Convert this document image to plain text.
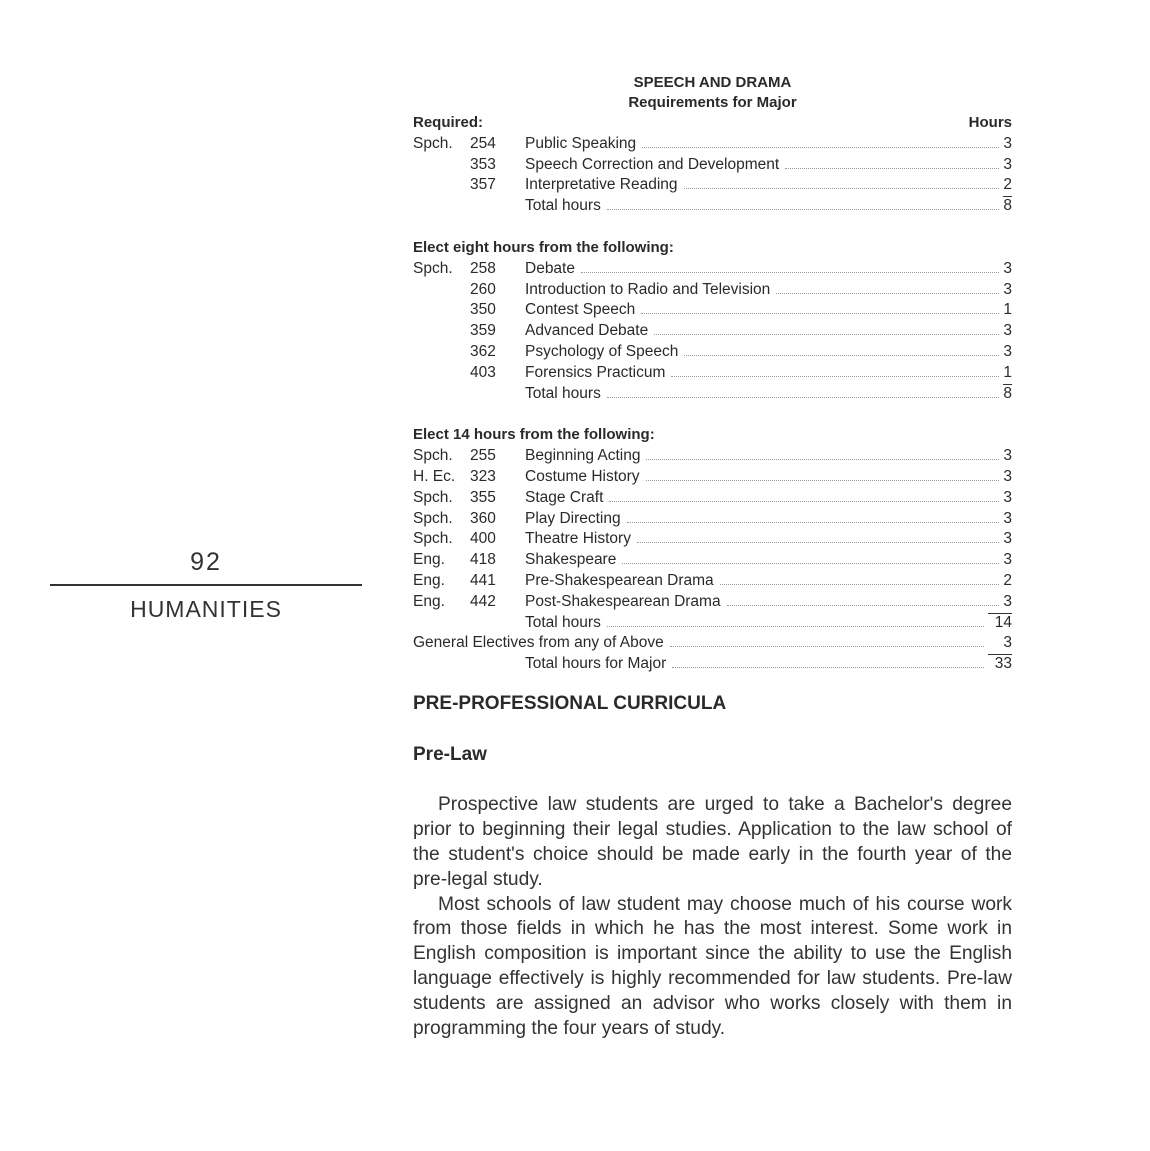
92
HUMANITIES
SPEECH AND DRAMA
Requirements for Major
Required:	Hours
Spch. 254 Public Speaking	3
353 Speech Correction and Development	3
357 Interpretative Reading	2
Total hours	8
Elect eight hours from the following:
Spch. 258 Debate	3
260 Introduction to Radio and Television	3
350 Contest Speech	1
359 Advanced Debate	3
362 Psychology of Speech	3
403 Forensics Practicum	1
Total hours	8
Elect 14 hours from the following:
Spch. 255 Beginning Acting	3
H. Ec. 323 Costume History	3
Spch. 355 Stage Craft	3
Spch. 360 Play Directing	3
Spch. 400 Theatre History	3
Eng. 418 Shakespeare	3
Eng. 441 Pre-Shakespearean Drama	2
Eng. 442 Post-Shakespearean Drama	3
Total hours	14
General Electives from any of Above	3
Total hours for Major	33
PRE-PROFESSIONAL CURRICULA
Pre-Law

Prospective law students are urged to take a Bachelor's degree prior to beginning their legal studies. Application to the law school of the student's choice should be made early in the fourth year of the pre-legal study.

Most schools of law student may choose much of his course work from those fields in which he has the most interest. Some work in English composition is important since the ability to use the English language effectively is highly recommended for law students. Pre-law students are assigned an advisor who works closely with them in programming the four years of study.
